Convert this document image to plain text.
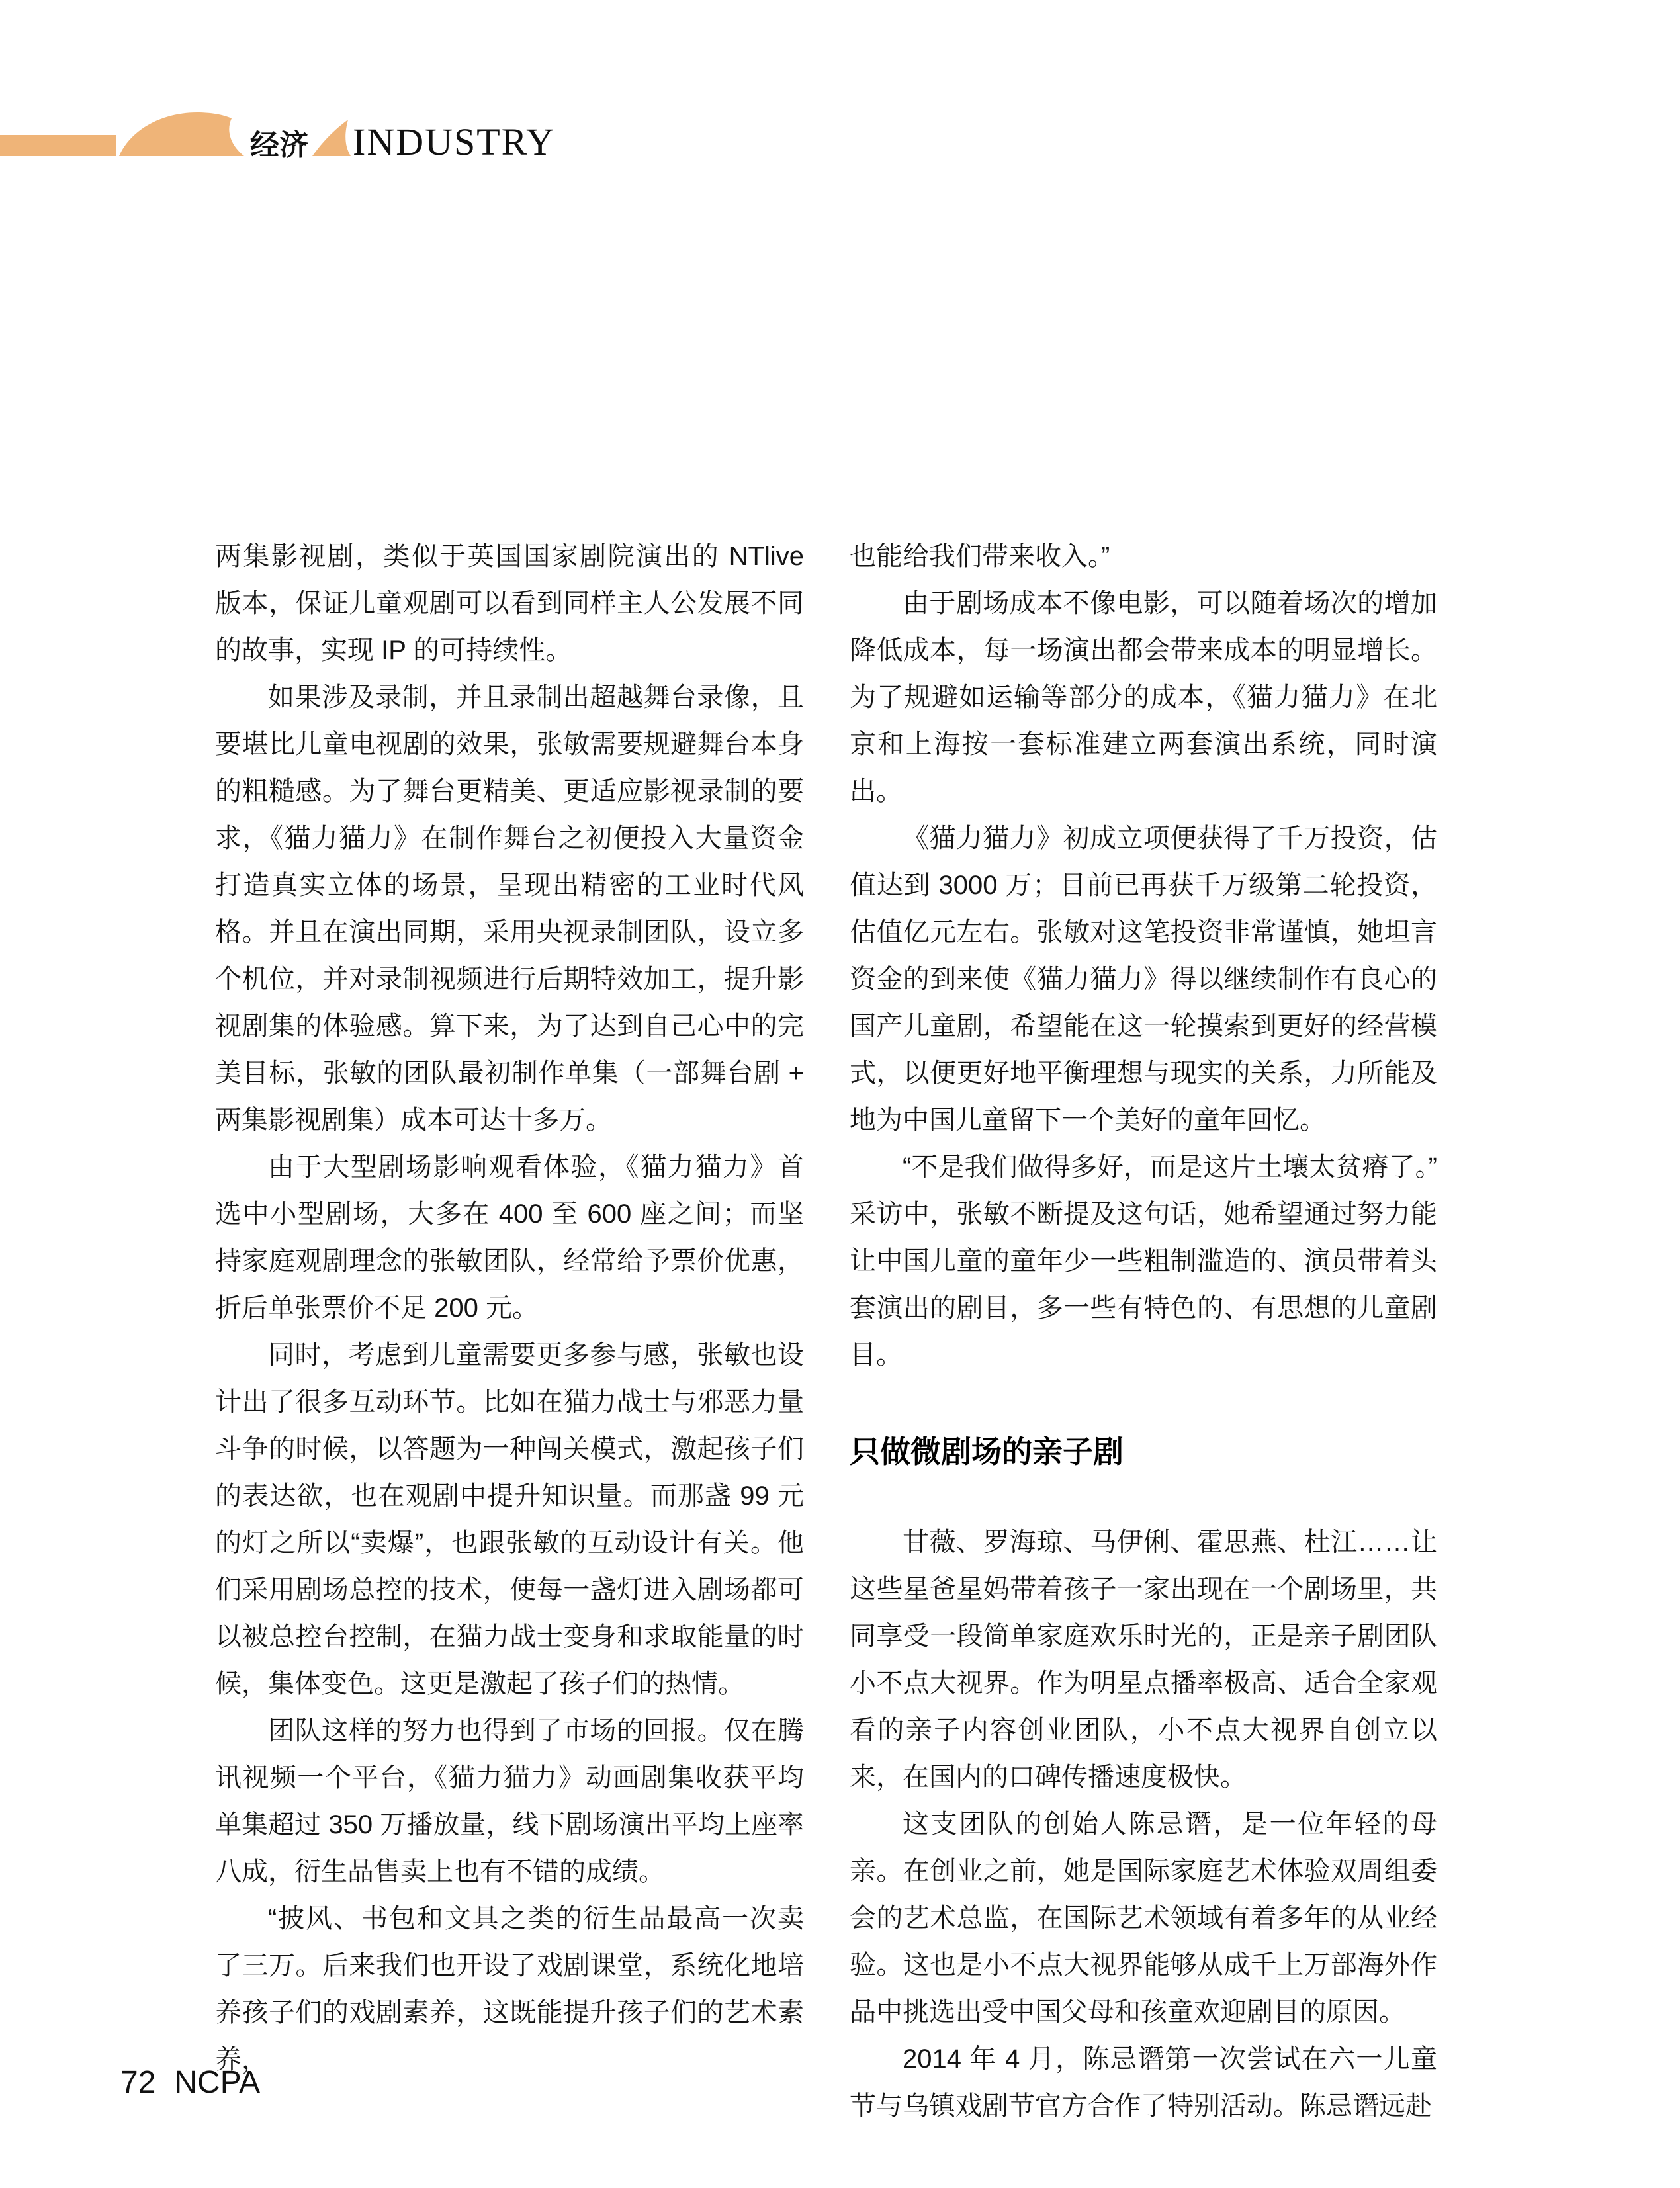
经济 INDUSTRY

两集影视剧，类似于英国国家剧院演出的 NTlive 版本，保证儿童观剧可以看到同样主人公发展不同的故事，实现 IP 的可持续性。

如果涉及录制，并且录制出超越舞台录像，且要堪比儿童电视剧的效果，张敏需要规避舞台本身的粗糙感。为了舞台更精美、更适应影视录制的要求，《猫力猫力》在制作舞台之初便投入大量资金打造真实立体的场景，呈现出精密的工业时代风格。并且在演出同期，采用央视录制团队，设立多个机位，并对录制视频进行后期特效加工，提升影视剧集的体验感。算下来，为了达到自己心中的完美目标，张敏的团队最初制作单集（一部舞台剧 + 两集影视剧集）成本可达十多万。

由于大型剧场影响观看体验，《猫力猫力》首选中小型剧场，大多在 400 至 600 座之间；而坚持家庭观剧理念的张敏团队，经常给予票价优惠，折后单张票价不足 200 元。

同时，考虑到儿童需要更多参与感，张敏也设计出了很多互动环节。比如在猫力战士与邪恶力量斗争的时候，以答题为一种闯关模式，激起孩子们的表达欲，也在观剧中提升知识量。而那盏 99 元的灯之所以“卖爆”，也跟张敏的互动设计有关。他们采用剧场总控的技术，使每一盏灯进入剧场都可以被总控台控制，在猫力战士变身和求取能量的时候，集体变色。这更是激起了孩子们的热情。

团队这样的努力也得到了市场的回报。仅在腾讯视频一个平台，《猫力猫力》动画剧集收获平均单集超过 350 万播放量，线下剧场演出平均上座率八成，衍生品售卖上也有不错的成绩。

“披风、书包和文具之类的衍生品最高一次卖了三万。后来我们也开设了戏剧课堂，系统化地培养孩子们的戏剧素养，这既能提升孩子们的艺术素养，

也能给我们带来收入。”

由于剧场成本不像电影，可以随着场次的增加降低成本，每一场演出都会带来成本的明显增长。为了规避如运输等部分的成本，《猫力猫力》在北京和上海按一套标准建立两套演出系统，同时演出。

《猫力猫力》初成立项便获得了千万投资，估值达到 3000 万；目前已再获千万级第二轮投资，估值亿元左右。张敏对这笔投资非常谨慎，她坦言资金的到来使《猫力猫力》得以继续制作有良心的国产儿童剧，希望能在这一轮摸索到更好的经营模式，以便更好地平衡理想与现实的关系，力所能及地为中国儿童留下一个美好的童年回忆。

“不是我们做得多好，而是这片土壤太贫瘠了。”采访中，张敏不断提及这句话，她希望通过努力能让中国儿童的童年少一些粗制滥造的、演员带着头套演出的剧目，多一些有特色的、有思想的儿童剧目。

只做微剧场的亲子剧

甘薇、罗海琼、马伊俐、霍思燕、杜江……让这些星爸星妈带着孩子一家出现在一个剧场里，共同享受一段简单家庭欢乐时光的，正是亲子剧团队小不点大视界。作为明星点播率极高、适合全家观看的亲子内容创业团队，小不点大视界自创立以来，在国内的口碑传播速度极快。

这支团队的创始人陈忌谮，是一位年轻的母亲。在创业之前，她是国际家庭艺术体验双周组委会的艺术总监，在国际艺术领域有着多年的从业经验。这也是小不点大视界能够从成千上万部海外作品中挑选出受中国父母和孩童欢迎剧目的原因。

2014 年 4 月，陈忌谮第一次尝试在六一儿童节与乌镇戏剧节官方合作了特别活动。陈忌谮远赴

72 NCPA
